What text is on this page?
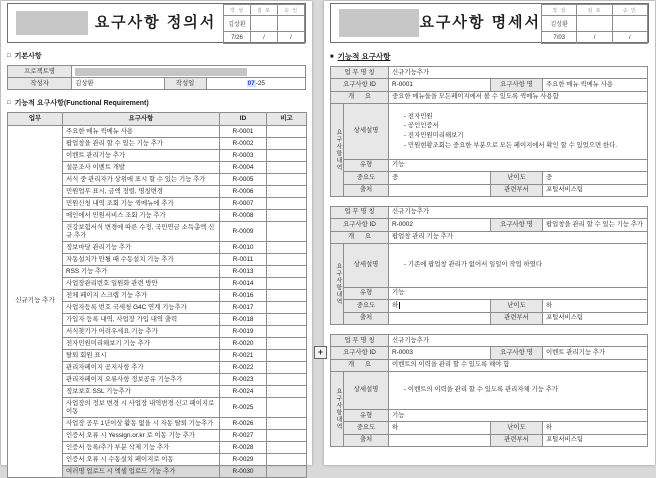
요구사항 정의서
작 성	검 토	승 인
김상환		
7/26	/	/
□ 기본사항
프로젝트명			

작성자	김상환	작성일	07-25
□ 기능적 요구사항(Functional Requirement)
업무	요구사항	ID	비고
신규기능 추가	주요한 메뉴 퀵메뉴 사용	R-0001	
	팝업창을 관리 할 수 있는 기능 추가	R-0002	
	이벤트 관리기능 추가	R-0003	
	설문조사 이벤트 개발	R-0004	
	서식 중 관리자가 상위에 표시 할 수 있는 기능 추가	R-0005	
	민원업무 표시, 금액 정렬, 명칭변경	R-0006	
	민원신청 내역 조회 기능 퀵메뉴에 추가	R-0007	
	메인에서 민원서비스 조회 기능 추가	R-0008	
	건강보험서식 변경에 따른 수정, 국민연금 소득총액 신규 추가	R-0009	
	정보마당 관리기능 추가	R-0010	
	자동설치가 안될 때 수동설치 기능 추가	R-0011	
	RSS 기능 추가	R-0013	
	사업장관리번호 일원화 관련 방안	R-0014	
	전체 페이지 스크랩 기능 추가	R-0016	
	사업자등록 번호 국세청 G4C 연계 기능추가	R-0017	
	가입자 등록 내역, 사업장 가입 내역 출력	R-0018	
	서식찾기가 어려우세요 기능 추가	R-0019	
	전자민원미리해보기 기능 추가	R-0020	
	탈퇴 회원 표시	R-0021	
	관리자페이지 공지사항 추가	R-0022	
	관리자페이지 오류사항 정보공유 기능추가	R-0023	
	정보보호 SSL 기능추가	R-0024	
	사업장의 정보 변경 시 사업장 내역변경 신고 페이지로 이동	R-0025	
	사업장 공무 1년이상 활동 없을 시 자동 탈퇴 기능추가	R-0026	
	인증서 오류 시 Yessign.or.kr 로 이동 기능 추가	R-0027	
	인증서 등록/추가 부분 삭제 기능 추가	R-0028	
	인증서 오류 시 수동설치 페이지로 이동	R-0029	
	여러명 업로드 시 엑셀 업로드 기능 추가	R-0030	
요구사항 명세서
작 성	검 토	승 인
김상환		
7/03	/	/
■ 기능적 요구사항
업 무 명 칭		신규기능추가		
요구사항 ID		R-0001	요구사항 명	주요한 메뉴 퀵메뉴 사용
개      요		중요한 메뉴들을 모든페이지에서 볼 수 있도록 퀵메뉴 사용함		
요구사항내역	상세설명	- 전자민원
- 공인인증서
- 전자민원미리해보기
- 민원현황조회는 중요한 부분으로 모든 페이지에서 확인 할 수 있었으면 한다.		

	유형	기능		
	중요도	중	난이도	중
	출처		관련부서	포털서비스팀
업 무 명 칭		신규기능추가		
요구사항 ID		R-0002	요구사항 명	팝업창을 관리 할 수 있는 기능 추가
개      요		팝업창 관리 기능 추가		
요구사항내역	상세설명	- 기존에 팝업창 관리가 없어서 일일이 작업 하였다		

	유형	기능		
	중요도	하	난이도	하
	출처		관련부서	포털서비스팀
업 무 명 칭		신규기능추가		
요구사항 ID		R-0003	요구사항 명	이벤트 관리기능 추가
개      요		이벤트의 이력을 관리 할 수 있도록 해야 함		
요구사항내역	상세설명	- 이벤트의 이력을 관리 할 수 있도록 관리자체 기능 추가		

	유형	기능		
	중요도	하	난이도	하
	출처		관련부서	포털서비스팀
+
